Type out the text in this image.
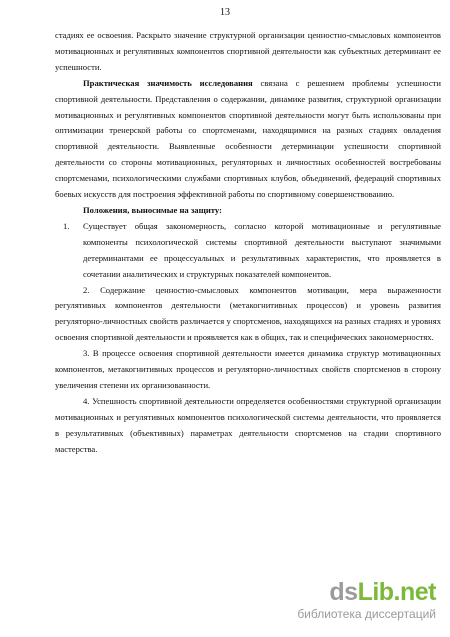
13

стадиях ее освоения. Раскрыто значение структурной организации ценностно-смысловых компонентов мотивационных и регулятивных компонентов спортивной деятельности как субъектных детерминант ее успешности.

Практическая значимость исследования связана с решением проблемы успешности спортивной деятельности. Представления о содержании, динамике развития, структурной организации мотивационных и регулятивных компонентов спортивной деятельности могут быть использованы при оптимизации тренерской работы со спортсменами, находящимися на разных стадиях овладения спортивной деятельности. Выявленные особенности детерминации успешности спортивной деятельности со стороны мотивационных, регуляторных и личностных особенностей востребованы спортсменами, психологическими службами спортивных клубов, объединений, федераций спортивных боевых искусств для построения эффективной работы по спортивному совершенствованию.

Положения, выносимые на защиту:

1. Существует общая закономерность, согласно которой мотивационные и регулятивные компоненты психологической системы спортивной деятельности выступают значимыми детерминантами ее процессуальных и результативных характеристик, что проявляется в сочетании аналитических и структурных показателей компонентов.

2. Содержание ценностно-смысловых компонентов мотивации, мера выраженности регулятивных компонентов деятельности (метакогнитивных процессов) и уровень развития регуляторно-личностных свойств различается у спортсменов, находящихся на разных стадиях и уровнях освоения спортивной деятельности и проявляется как в общих, так и специфических закономерностях.

3. В процессе освоения спортивной деятельности имеется динамика структур мотивационных компонентов, метакогнитивных процессов и регуляторно-личностных свойств спортсменов в сторону увеличения степени их организованности.

4. Успешность спортивной деятельности определяется особенностями структурной организации мотивационных и регулятивных компонентов психологической системы деятельности, что проявляется в результативных (объективных) параметрах деятельности спортсменов на стадии спортивного мастерства.

dsLib.net
библиотека диссертаций
